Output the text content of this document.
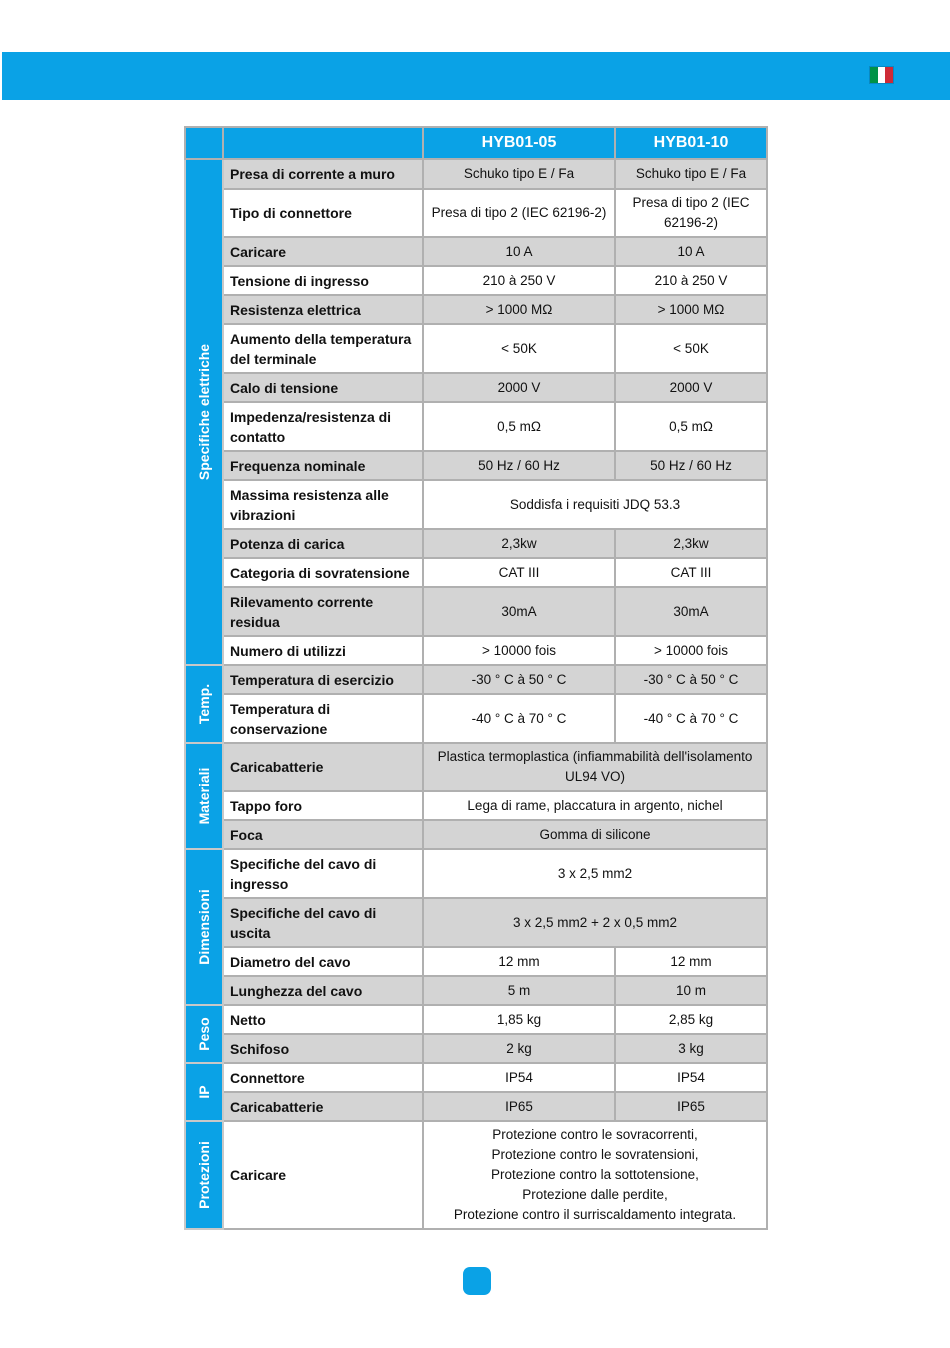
		HYB01-05	HYB01-10

Specifiche elettriche	Presa di corrente a muro	Schuko tipo E / Fa	Schuko tipo E / Fa
	Tipo di connettore	Presa di tipo 2 (IEC 62196-2)	Presa di tipo 2 (IEC 62196-2)
	Caricare	10 A	10 A
	Tensione di ingresso	210 à 250 V	210 à 250 V
	Resistenza elettrica	> 1000 MΩ	> 1000 MΩ
	Aumento della temperatura del terminale	< 50K	< 50K
	Calo di tensione	2000 V	2000 V
	Impedenza/resistenza di contatto	0,5 mΩ	0,5 mΩ
	Frequenza nominale	50 Hz / 60 Hz	50 Hz / 60 Hz
	Massima resistenza alle vibrazioni	Soddisfa i requisiti JDQ 53.3	
	Potenza di carica	2,3kw	2,3kw
	Categoria di sovratensione	CAT III	CAT III
	Rilevamento corrente residua	30mA	30mA
	Numero di utilizzi	> 10000 fois	> 10000 fois

Temp.	Temperatura di esercizio	-30 ° C à 50 ° C	-30 ° C à 50 ° C
	Temperatura di conservazione	-40 ° C à 70 ° C	-40 ° C à 70 ° C

Materiali	Caricabatterie	Plastica termoplastica (infiammabilità dell'isolamento UL94 VO)	
	Tappo foro	Lega di rame, placcatura in argento, nichel	
	Foca	Gomma di silicone	

Dimensioni	Specifiche del cavo di ingresso	3 x 2,5 mm2	
	Specifiche del cavo di uscita	3 x 2,5 mm2 + 2 x 0,5 mm2	
	Diametro del cavo	12 mm	12 mm
	Lunghezza del cavo	5 m	10 m

Peso	Netto	1,85 kg	2,85 kg
	Schifoso	2 kg	3 kg

IP	Connettore	IP54	IP54
	Caricabatterie	IP65	IP65

Protezioni	Caricare	Protezione contro le sovracorrenti,
Protezione contro le sovratensioni,
Protezione contro la sottotensione,
Protezione dalle perdite,
Protezione contro il surriscaldamento integrata.	
